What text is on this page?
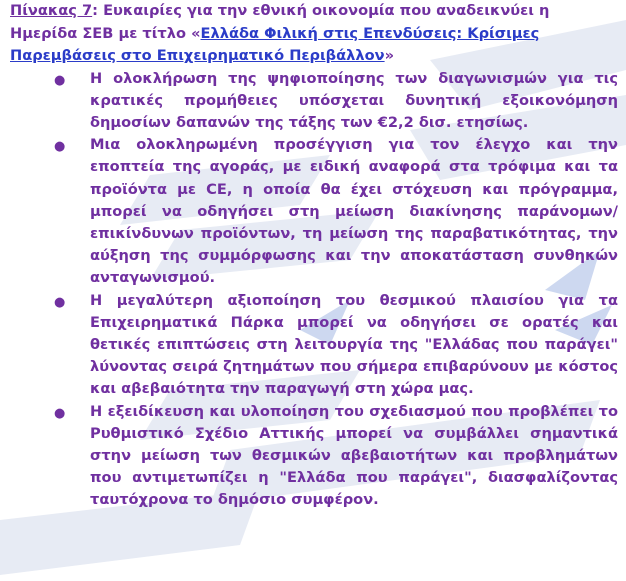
Πίνακας 7: Ευκαιρίες για την εθνική οικονομία που αναδεικνύει η Ημερίδα ΣΕΒ με τίτλο «Ελλάδα Φιλική στις Επενδύσεις: Κρίσιμες Παρεμβάσεις στο Επιχειρηματικό Περιβάλλον»

● Η ολοκλήρωση της ψηφιοποίησης των διαγωνισμών για τις κρατικές προμήθειες υπόσχεται δυνητική εξοικονόμηση δημοσίων δαπανών της τάξης των €2,2 δισ. ετησίως.
● Μια ολοκληρωμένη προσέγγιση για τον έλεγχο και την εποπτεία της αγοράς, με ειδική αναφορά στα τρόφιμα και τα προϊόντα με CE, η οποία θα έχει στόχευση και πρόγραμμα, μπορεί να οδηγήσει στη μείωση διακίνησης παράνομων/επικίνδυνων προϊόντων, τη μείωση της παραβατικότητας, την αύξηση της συμμόρφωσης και την αποκατάσταση συνθηκών ανταγωνισμού.
● Η μεγαλύτερη αξιοποίηση του θεσμικού πλαισίου για τα Επιχειρηματικά Πάρκα μπορεί να οδηγήσει σε ορατές και θετικές επιπτώσεις στη λειτουργία της "Ελλάδας που παράγει" λύνοντας σειρά ζητημάτων που σήμερα επιβαρύνουν με κόστος και αβεβαιότητα την παραγωγή στη χώρα μας.
● Η εξειδίκευση και υλοποίηση του σχεδιασμού που προβλέπει το Ρυθμιστικό Σχέδιο Αττικής μπορεί να συμβάλλει σημαντικά στην μείωση των θεσμικών αβεβαιοτήτων και προβλημάτων που αντιμετωπίζει η "Ελλάδα που παράγει", διασφαλίζοντας ταυτόχρονα το δημόσιο συμφέρον.
